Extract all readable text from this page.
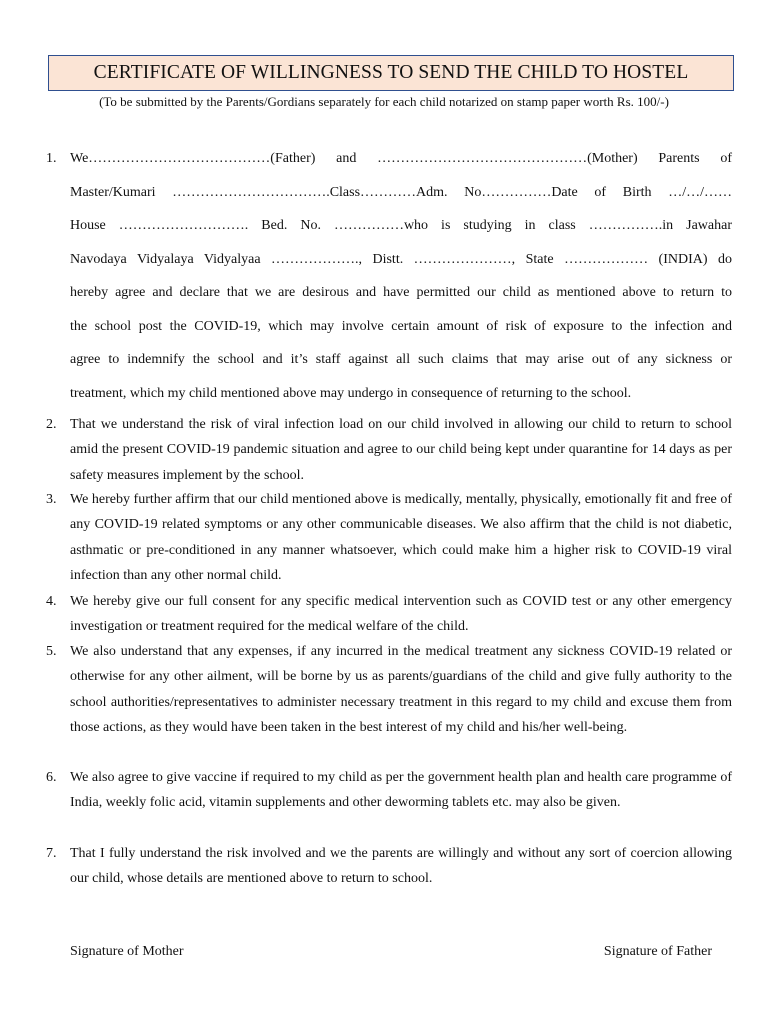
CERTIFICATE OF WILLINGNESS TO SEND THE CHILD TO HOSTEL
(To be submitted by the Parents/Gordians separately for each child notarized on stamp paper worth Rs. 100/-)
1. We…………………………………(Father) and ………………………………………(Mother) Parents of
Master/Kumari …………………………….Class…………Adm. No……………Date of Birth …/…/……
House ………………………. Bed. No. ……………who is studying in class …………….in Jawahar
Navodaya Vidyalaya Vidyalyaa ………………., Distt. …………………, State ……………… (INDIA) do
hereby agree and declare that we are desirous and have permitted our child as mentioned above to return to
the school post the COVID-19, which may involve certain amount of risk of exposure to the infection and
agree to indemnify the school and it’s staff against all such claims that may arise out of any sickness or
treatment, which my child mentioned above may undergo in consequence of returning to the school.
2. That we understand the risk of viral infection load on our child involved in allowing our child to return to school amid the present COVID-19 pandemic situation and agree to our child being kept under quarantine for 14 days as per safety measures implement by the school.
3. We hereby further affirm that our child mentioned above is medically, mentally, physically, emotionally fit and free of any COVID-19 related symptoms or any other communicable diseases. We also affirm that the child is not diabetic, asthmatic or pre-conditioned in any manner whatsoever, which could make him a higher risk to COVID-19 viral infection than any other normal child.
4. We hereby give our full consent for any specific medical intervention such as COVID test or any other emergency investigation or treatment required for the medical welfare of the child.
5. We also understand that any expenses, if any incurred in the medical treatment any sickness COVID-19 related or otherwise for any other ailment, will be borne by us as parents/guardians of the child and give fully authority to the school authorities/representatives to administer necessary treatment in this regard to my child and excuse them from those actions, as they would have been taken in the best interest of my child and his/her well-being.
6. We also agree to give vaccine if required to my child as per the government health plan and health care programme of India, weekly folic acid, vitamin supplements and other deworming tablets etc. may also be given.
7. That I fully understand the risk involved and we the parents are willingly and without any sort of coercion allowing our child, whose details are mentioned above to return to school.
Signature of Mother	Signature of Father
